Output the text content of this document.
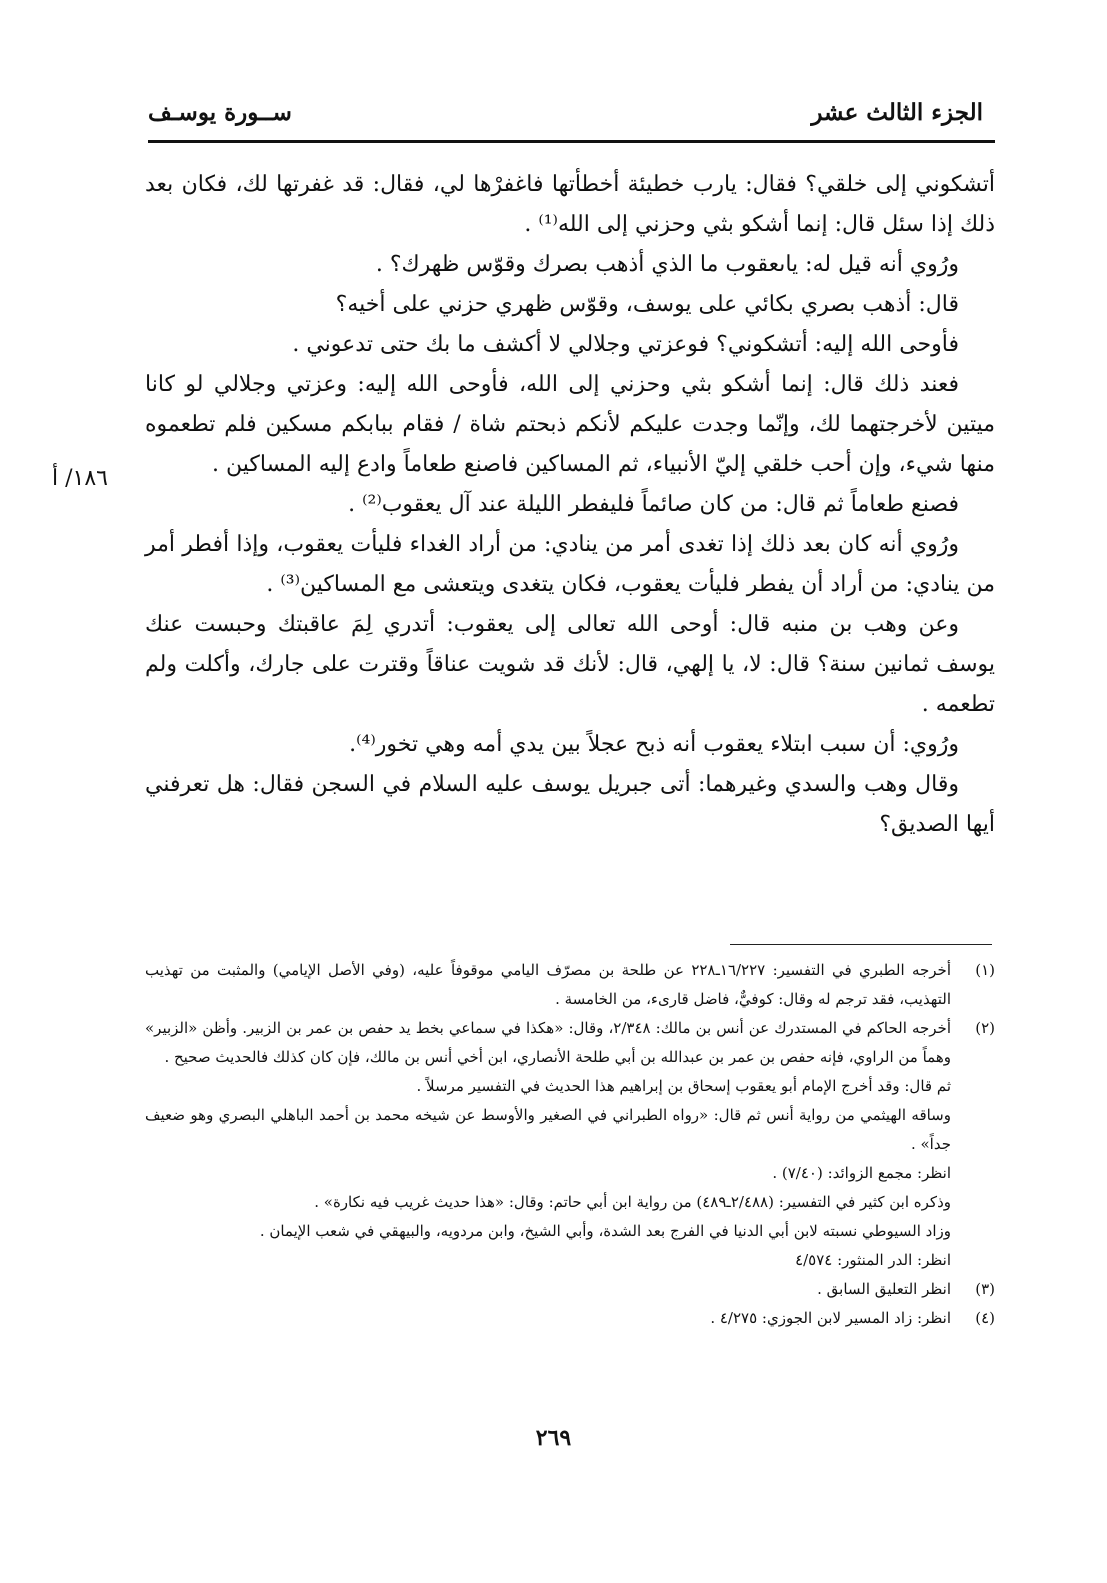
الجزء الثالث عشر
ســورة يوسـف
١٨٦/ أ

أتشكوني إلى خلقي؟ فقال: يارب خطيئة أخطأتها فاغفرْها لي، فقال: قد غفرتها لك، فكان بعد ذلك إذا سئل قال: إنما أشكو بثي وحزني إلى الله⁽¹⁾ .

ورُوي أنه قيل له: ياىعقوب ما الذي أذهب بصرك وقوّس ظهرك؟ .

قال: أذهب بصري بكائي على يوسف، وقوّس ظهري حزني على أخيه؟

فأوحى الله إليه: أتشكوني؟ فوعزتي وجلالي لا أكشف ما بك حتى تدعوني .

فعند ذلك قال: إنما أشكو بثي وحزني إلى الله، فأوحى الله إليه: وعزتي وجلالي لو كانا ميتين لأخرجتهما لك، وإنّما وجدت عليكم لأنكم ذبحتم شاة / فقام ببابكم مسكين فلم تطعموه منها شيء، وإن أحب خلقي إليّ الأنبياء، ثم المساكين فاصنع طعاماً وادع إليه المساكين .

فصنع طعاماً ثم قال: من كان صائماً فليفطر الليلة عند آل يعقوب⁽²⁾ .

ورُوي أنه كان بعد ذلك إذا تغدى أمر من ينادي: من أراد الغداء فليأت يعقوب، وإذا أفطر أمر من ينادي: من أراد أن يفطر فليأت يعقوب، فكان يتغدى ويتعشى مع المساكين⁽³⁾ .

وعن وهب بن منبه قال: أوحى الله تعالى إلى يعقوب: أتدري لِمَ عاقبتك وحبست عنك يوسف ثمانين سنة؟ قال: لا، يا إلهي، قال: لأنك قد شويت عناقاً وقترت على جارك، وأكلت ولم تطعمه .

ورُوي: أن سبب ابتلاء يعقوب أنه ذبح عجلاً بين يدي أمه وهي تخور⁽⁴⁾.

وقال وهب والسدي وغيرهما: أتى جبريل يوسف عليه السلام في السجن فقال: هل تعرفني أيها الصديق؟

(١)

أخرجه الطبري في التفسير: ١٦/٢٢٧ـ٢٢٨ عن طلحة بن مصرّف اليامي موقوفاً عليه، (وفي الأصل الإيامي) والمثبت من تهذيب التهذيب، فقد ترجم له وقال: كوفيٌّ، فاضل قارىء، من الخامسة .

(٢)

أخرجه الحاكم في المستدرك عن أنس بن مالك: ٢/٣٤٨، وقال: «هكذا في سماعي بخط يد حفص بن عمر بن الزبير. وأظن «الزبير» وهماً من الراوي، فإنه حفص بن عمر بن عبدالله بن أبي طلحة الأنصاري، ابن أخي أنس بن مالك، فإن كان كذلك فالحديث صحيح .

ثم قال: وقد أخرج الإمام أبو يعقوب إسحاق بن إبراهيم هذا الحديث في التفسير مرسلاً .

وساقه الهيثمي من رواية أنس ثم قال: «رواه الطبراني في الصغير والأوسط عن شيخه محمد بن أحمد الباهلي البصري وهو ضعيف جداً» .

انظر: مجمع الزوائد: (٧/٤٠) .

وذكره ابن كثير في التفسير: (٢/٤٨٨ـ٤٨٩) من رواية ابن أبي حاتم: وقال: «هذا حديث غريب فيه نكارة» .

وزاد السيوطي نسبته لابن أبي الدنيا في الفرج بعد الشدة، وأبي الشيخ، وابن مردويه، والبيهقي في شعب الإيمان .

انظر: الدر المنثور: ٤/٥٧٤

(٣)

انظر التعليق السابق .

(٤)

انظر: زاد المسير لابن الجوزي: ٤/٢٧٥ .

٢٦٩
